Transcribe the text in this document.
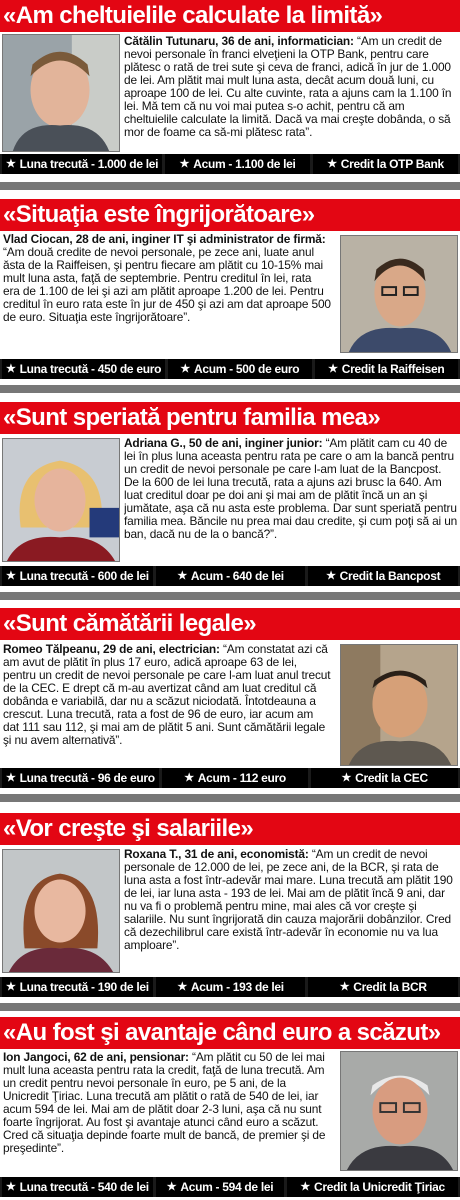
«Am cheltuielile calculate la limită»

Cătălin Tutunaru, 36 de ani, informatician: “Am un credit de nevoi personale în franci elveţieni la OTP Bank, pentru care plătesc o rată de trei sute şi ceva de franci, adică în jur de 1.000 de lei. Am plătit mai mult luna asta, decât acum două luni, cu aproape 100 de lei. Cu alte cuvinte, rata a ajuns cam la 1.100 în lei. Mă tem că nu voi mai putea s-o achit, pentru că am cheltuielile calculate la limită. Dacă va mai creşte dobânda, o să mor de foame ca să-mi plătesc rata”.

★ Luna trecută - 1.000 de lei ★ Acum - 1.100 de lei	★ Credit la OTP Bank
«Situaţia este îngrijorătoare»

Vlad Ciocan, 28 de ani, inginer IT şi administrator de firmă: “Am două credite de nevoi personale, pe zece ani, luate anul ăsta de la Raiffeisen, şi pentru fiecare am plătit cu 10-15% mai mult luna asta, faţă de septembrie. Pentru creditul în lei, rata era de 1.100 de lei şi azi am plătit aproape 1.200 de lei. Pentru creditul în euro rata este în jur de 450 şi azi am dat aproape 500 de euro. Situaţia este îngrijorătoare”.

★ Luna trecută - 450 de euro ★ Acum - 500 de euro	★ Credit la Raiffeisen
«Sunt speriată pentru familia mea»

Adriana G., 50 de ani, inginer junior: “Am plătit cam cu 40 de lei în plus luna aceasta pentru rata pe care o am la bancă pentru un credit de nevoi personale pe care l-am luat de la Bancpost. De la 600 de lei luna trecută, rata a ajuns azi brusc la 640. Am luat creditul doar pe doi ani şi mai am de plătit încă un an şi jumătate, aşa că nu asta este problema. Dar sunt speriată pentru familia mea. Băncile nu prea mai dau credite, şi cum poţi să ai un ban, dacă nu de la o bancă?”.

★ Luna trecută - 600 de lei	★ Acum - 640 de lei	★ Credit la Bancpost
«Sunt cămătării legale»

Romeo Tălpeanu, 29 de ani, electrician: “Am constatat azi că am avut de plătit în plus 17 euro, adică aproape 63 de lei, pentru un credit de nevoi personale pe care l-am luat anul trecut de la CEC. E drept că m-au avertizat când am luat creditul că dobânda e variabilă, dar nu a scăzut niciodată. Întotdeauna a crescut. Luna trecută, rata a fost de 96 de euro, iar acum am dat 111 sau 112, şi mai am de plătit 5 ani. Sunt cămătării legale şi nu avem alternativă”.

★ Luna trecută - 96 de euro	★ Acum - 112 euro	★ Credit la CEC
«Vor creşte şi salariile»

Roxana T., 31 de ani, economistă: “Am un credit de nevoi personale de 12.000 de lei, pe zece ani, de la BCR, şi rata de luna asta a fost într-adevăr mai mare. Luna trecută am plătit 190 de lei, iar luna asta - 193 de lei. Mai am de plătit încă 9 ani, dar nu va fi o problemă pentru mine, mai ales că vor creşte şi salariile. Nu sunt îngrijorată din cauza majorării dobânzilor. Cred că dezechilibrul care există într-adevăr în economie nu va lua amploare”.

★ Luna trecută - 190 de lei	★ Acum - 193 de lei	★ Credit la BCR
«Au fost şi avantaje când euro a scăzut»

Ion Jangoci, 62 de ani, pensionar: “Am plătit cu 50 de lei mai mult luna aceasta pentru rata la credit, faţă de luna trecută. Am un credit pentru nevoi personale în euro, pe 5 ani, de la Unicredit Ţiriac. Luna trecută am plătit o rată de 540 de lei, iar acum 594 de lei. Mai am de plătit doar 2-3 luni, aşa că nu sunt foarte îngrijorat. Au fost şi avantaje atunci când euro a scăzut. Cred că situaţia depinde foarte mult de bancă, de premier şi de preşedinte”.

★ Luna trecută - 540 de lei ★ Acum - 594 de lei ★ Credit la Unicredit Ţiriac
